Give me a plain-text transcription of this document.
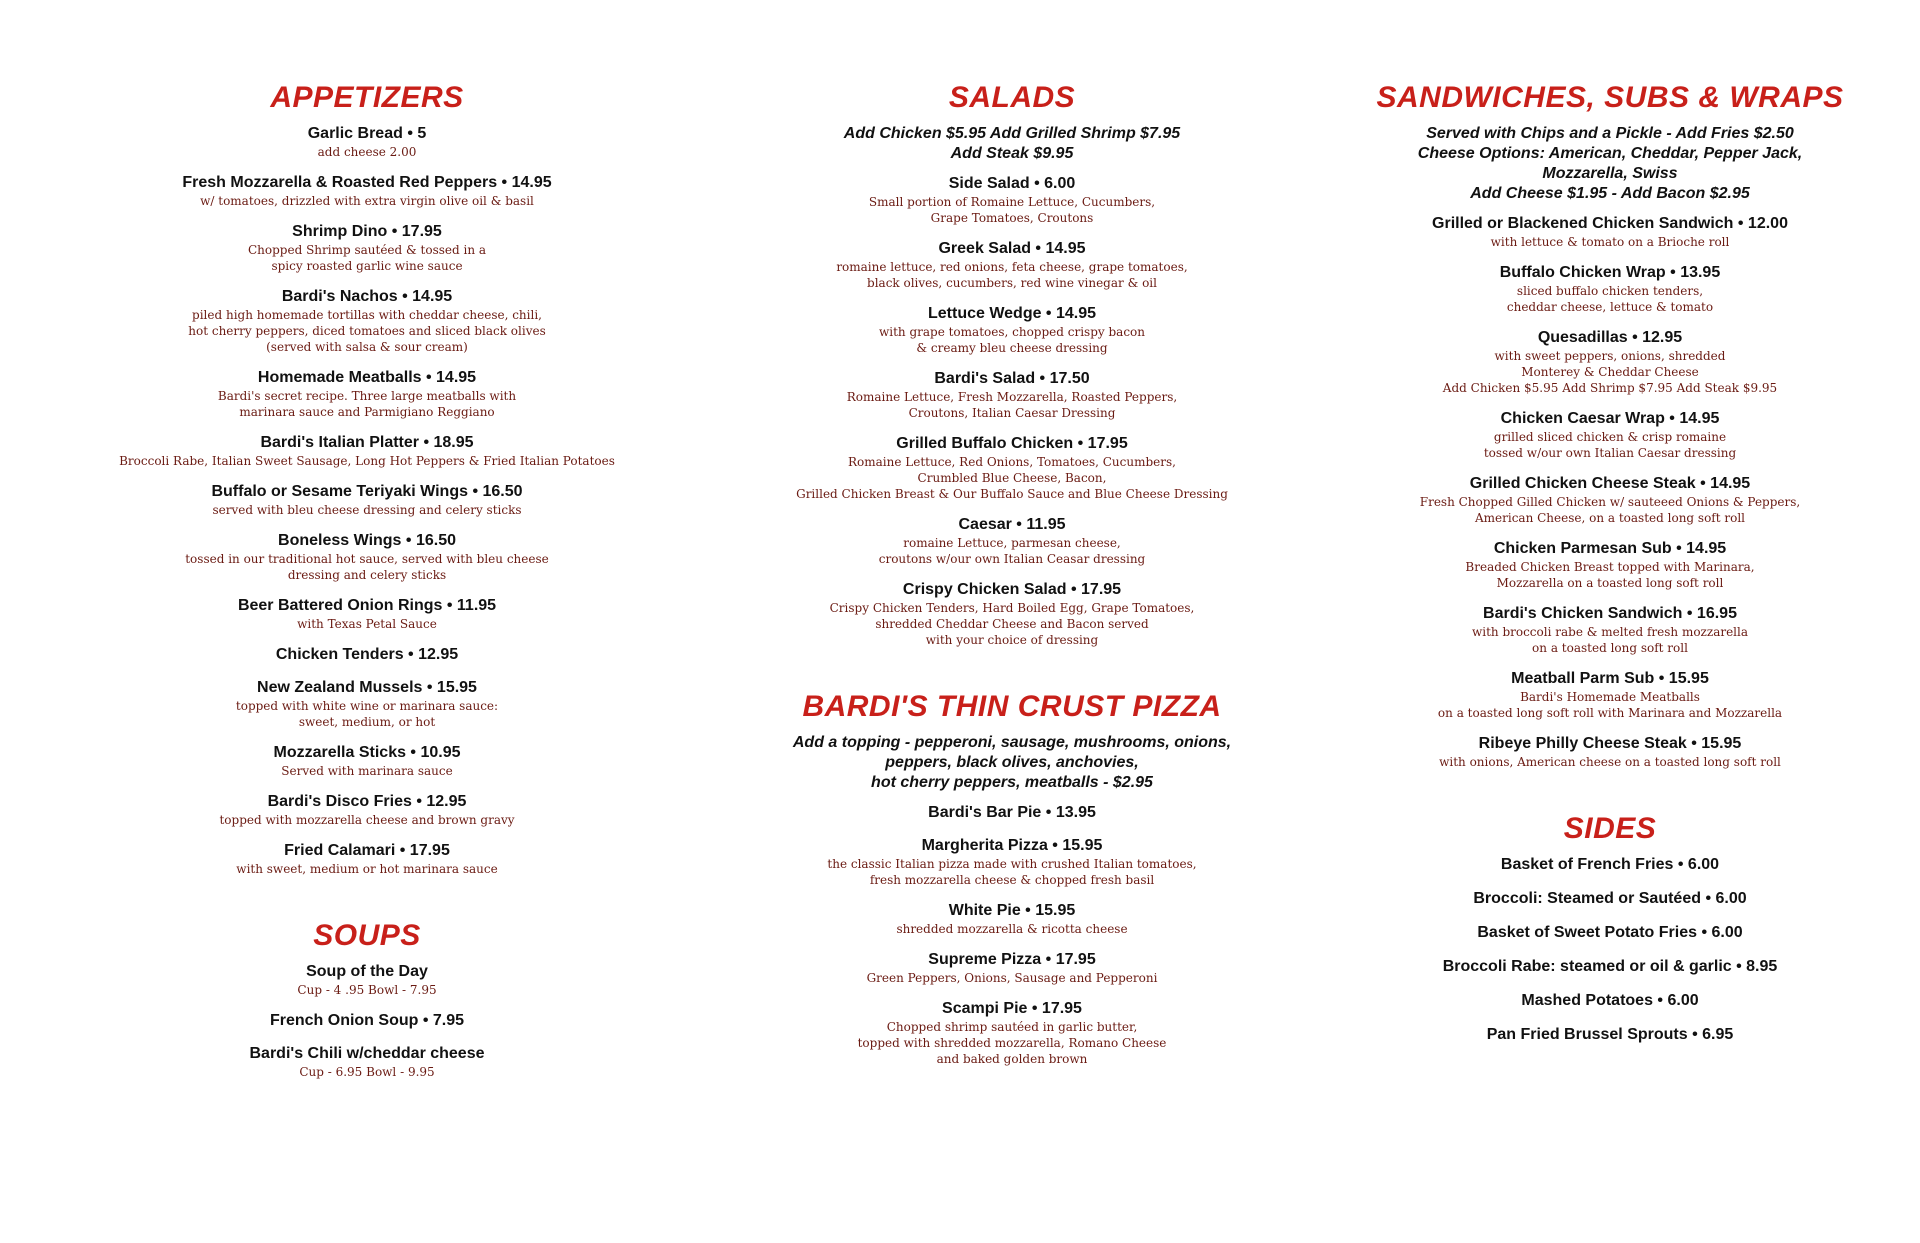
APPETIZERS
Garlic Bread • 5
add cheese 2.00
Fresh Mozzarella & Roasted Red Peppers • 14.95
w/ tomatoes, drizzled with extra virgin olive oil & basil
Shrimp Dino • 17.95
Chopped Shrimp sautéed & tossed in a
spicy roasted garlic wine sauce
Bardi's Nachos • 14.95
piled high homemade tortillas with cheddar cheese, chili,
hot cherry peppers, diced tomatoes and sliced black olives
(served with salsa & sour cream)
Homemade Meatballs • 14.95
Bardi's secret recipe. Three large meatballs with
marinara sauce and Parmigiano Reggiano
Bardi's Italian Platter • 18.95
Broccoli Rabe, Italian Sweet Sausage, Long Hot Peppers & Fried Italian Potatoes
Buffalo or Sesame Teriyaki Wings • 16.50
served with bleu cheese dressing and celery sticks
Boneless Wings • 16.50
tossed in our traditional hot sauce, served with bleu cheese
dressing and celery sticks
Beer Battered Onion Rings • 11.95
with Texas Petal Sauce
Chicken Tenders • 12.95
New Zealand Mussels • 15.95
topped with white wine or marinara sauce:
sweet, medium, or hot
Mozzarella Sticks • 10.95
Served with marinara sauce
Bardi's Disco Fries • 12.95
topped with mozzarella cheese and brown gravy
Fried Calamari • 17.95
with sweet, medium or hot marinara sauce
SOUPS
Soup of the Day
Cup - 4 .95 Bowl - 7.95
French Onion Soup • 7.95
Bardi's Chili w/cheddar cheese
Cup - 6.95 Bowl - 9.95
SALADS
Add Chicken $5.95 Add Grilled Shrimp $7.95
Add Steak $9.95
Side Salad • 6.00
Small portion of Romaine Lettuce, Cucumbers,
Grape Tomatoes, Croutons
Greek Salad • 14.95
romaine lettuce, red onions, feta cheese, grape tomatoes,
black olives, cucumbers, red wine vinegar & oil
Lettuce Wedge • 14.95
with grape tomatoes, chopped crispy bacon
& creamy bleu cheese dressing
Bardi's Salad • 17.50
Romaine Lettuce, Fresh Mozzarella, Roasted Peppers,
Croutons, Italian Caesar Dressing
Grilled Buffalo Chicken • 17.95
Romaine Lettuce, Red Onions, Tomatoes, Cucumbers,
Crumbled Blue Cheese, Bacon,
Grilled Chicken Breast & Our Buffalo Sauce and Blue Cheese Dressing
Caesar • 11.95
romaine Lettuce, parmesan cheese,
croutons w/our own Italian Ceasar dressing
Crispy Chicken Salad • 17.95
Crispy Chicken Tenders, Hard Boiled Egg, Grape Tomatoes,
shredded Cheddar Cheese and Bacon served
with your choice of dressing
BARDI'S THIN CRUST PIZZA
Add a topping - pepperoni, sausage, mushrooms, onions,
peppers, black olives, anchovies,
hot cherry peppers, meatballs - $2.95
Bardi's Bar Pie • 13.95
Margherita Pizza • 15.95
the classic Italian pizza made with crushed Italian tomatoes,
fresh mozzarella cheese & chopped fresh basil
White Pie • 15.95
shredded mozzarella & ricotta cheese
Supreme Pizza • 17.95
Green Peppers, Onions, Sausage and Pepperoni
Scampi Pie • 17.95
Chopped shrimp sautéed in garlic butter,
topped with shredded mozzarella, Romano Cheese
and baked golden brown
SANDWICHES, SUBS & WRAPS
Served with Chips and a Pickle - Add Fries $2.50
Cheese Options: American, Cheddar, Pepper Jack,
Mozzarella, Swiss
Add Cheese $1.95 - Add Bacon $2.95
Grilled or Blackened Chicken Sandwich • 12.00
with lettuce & tomato on a Brioche roll
Buffalo Chicken Wrap • 13.95
sliced buffalo chicken tenders,
cheddar cheese, lettuce & tomato
Quesadillas • 12.95
with sweet peppers, onions, shredded
Monterey & Cheddar Cheese
Add Chicken $5.95 Add Shrimp $7.95 Add Steak $9.95
Chicken Caesar Wrap • 14.95
grilled sliced chicken & crisp romaine
tossed w/our own Italian Caesar dressing
Grilled Chicken Cheese Steak • 14.95
Fresh Chopped Gilled Chicken w/ sauteeed Onions & Peppers,
American Cheese, on a toasted long soft roll
Chicken Parmesan Sub • 14.95
Breaded Chicken Breast topped with Marinara,
Mozzarella on a toasted long soft roll
Bardi's Chicken Sandwich • 16.95
with broccoli rabe & melted fresh mozzarella
on a toasted long soft roll
Meatball Parm Sub • 15.95
Bardi's Homemade Meatballs
on a toasted long soft roll with Marinara and Mozzarella
Ribeye Philly Cheese Steak • 15.95
with onions, American cheese on a toasted long soft roll
SIDES
Basket of French Fries • 6.00
Broccoli: Steamed or Sautéed • 6.00
Basket of Sweet Potato Fries • 6.00
Broccoli Rabe: steamed or oil & garlic • 8.95
Mashed Potatoes • 6.00
Pan Fried Brussel Sprouts • 6.95
